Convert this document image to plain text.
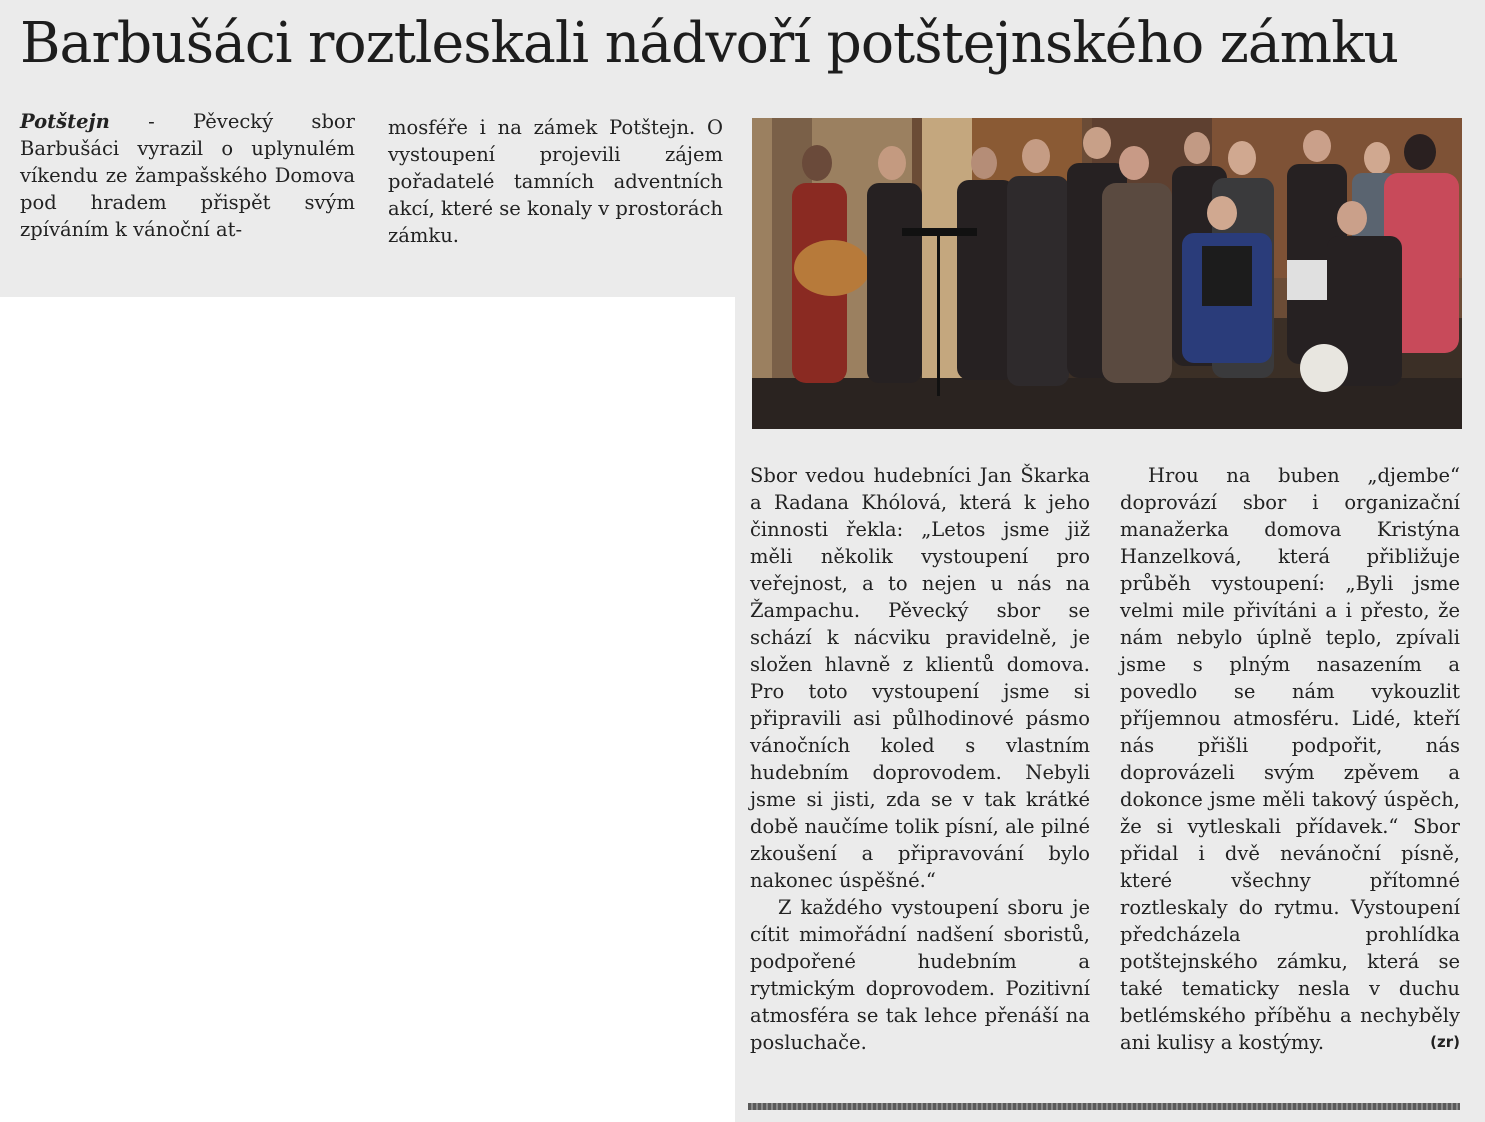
Barbušáci roztleskali nádvoří potštejnského zámku

Potštejn - Pěvecký sbor Barbušáci vyrazil o uplynulém víkendu ze žampašského Domova pod hradem přispět svým zpíváním k vánoční at-

mosféře i na zámek Potštejn. O vystoupení projevili zájem pořadatelé tamních adventních akcí, které se konaly v prostorách zámku.

Sbor vedou hudebníci Jan Škarka a Radana Khólová, která k jeho činnosti řekla: „Letos jsme již měli několik vystoupení pro veřejnost, a to nejen u nás na Žampachu. Pěvecký sbor se schází k nácviku pravidelně, je složen hlavně z klientů domova. Pro toto vystoupení jsme si připravili asi půlhodinové pásmo vánočních koled s vlastním hudebním doprovodem. Nebyli jsme si jisti, zda se v tak krátké době naučíme tolik písní, ale pilné zkoušení a připravování bylo nakonec úspěšné.“

Z každého vystoupení sboru je cítit mimořádní nadšení sboristů, podpořené hudebním a rytmickým doprovodem. Pozitivní atmosféra se tak lehce přenáší na posluchače.

Hrou na buben „djembe“ doprovází sbor i organizační manažerka domova Kristýna Hanzelková, která přibližuje průběh vystoupení: „Byli jsme velmi mile přivítáni a i přesto, že nám nebylo úplně teplo, zpívali jsme s plným nasazením a povedlo se nám vykouzlit příjemnou atmosféru. Lidé, kteří nás přišli podpořit, nás doprovázeli svým zpěvem a dokonce jsme měli takový úspěch, že si vytleskali přídavek.“ Sbor přidal i dvě nevánoční písně, které všechny přítomné roztleskaly do rytmu. Vystoupení předcházela prohlídka potštejnského zámku, která se také tematicky nesla v duchu betlémského příběhu a nechyběly ani kulisy a kostýmy.	(zr)
